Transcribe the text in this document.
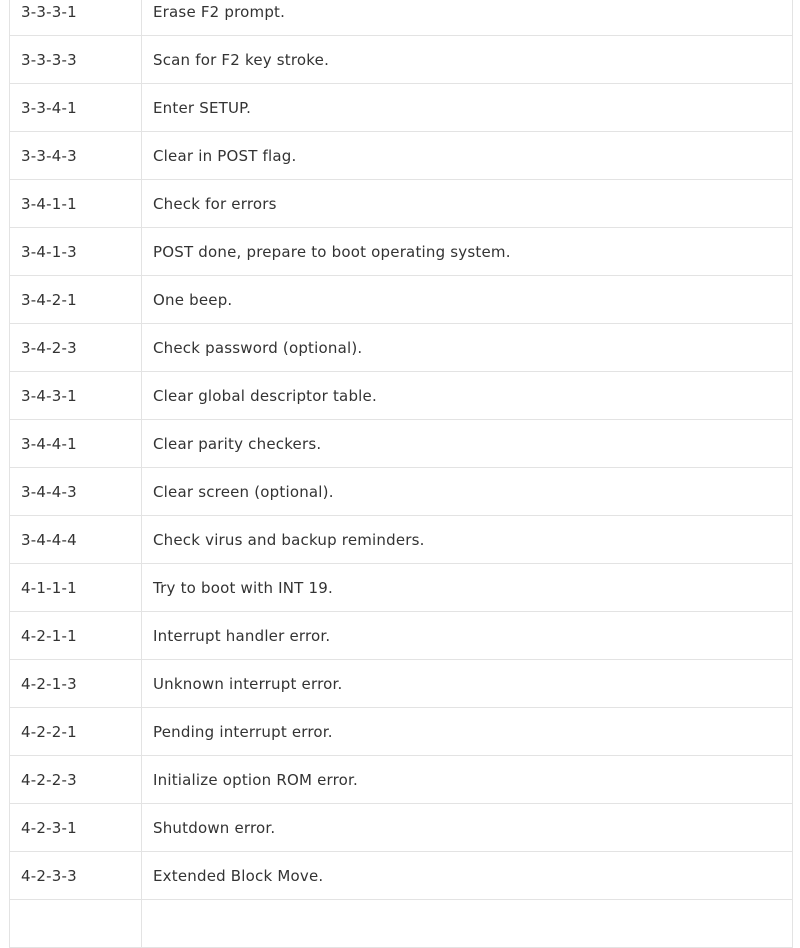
3-3-3-1	Erase F2 prompt.
3-3-3-3	Scan for F2 key stroke.
3-3-4-1	Enter SETUP.
3-3-4-3	Clear in POST flag.
3-4-1-1	Check for errors
3-4-1-3	POST done, prepare to boot operating system.
3-4-2-1	One beep.
3-4-2-3	Check password (optional).
3-4-3-1	Clear global descriptor table.
3-4-4-1	Clear parity checkers.
3-4-4-3	Clear screen (optional).
3-4-4-4	Check virus and backup reminders.
4-1-1-1	Try to boot with INT 19.
4-2-1-1	Interrupt handler error.
4-2-1-3	Unknown interrupt error.
4-2-2-1	Pending interrupt error.
4-2-2-3	Initialize option ROM error.
4-2-3-1	Shutdown error.
4-2-3-3	Extended Block Move.
